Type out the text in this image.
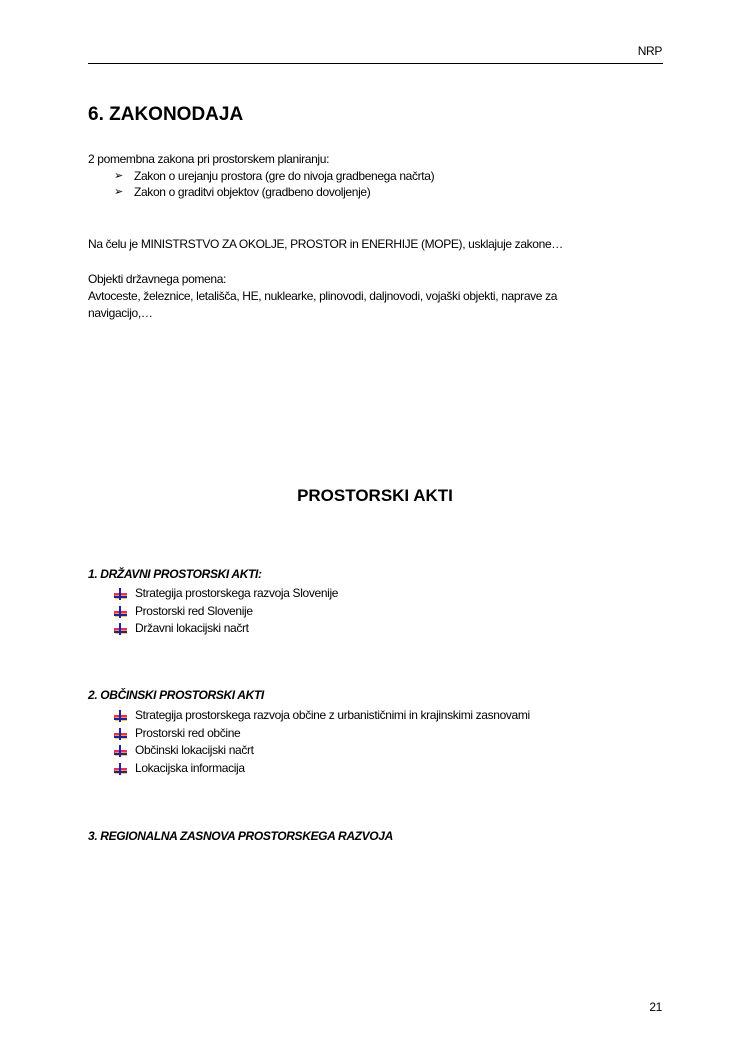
NRP
6. ZAKONODAJA
2 pomembna zakona pri prostorskem planiranju:
➢ Zakon o urejanju prostora (gre do nivoja gradbenega načrta)
➢ Zakon o graditvi objektov (gradbeno dovoljenje)
Na čelu je MINISTRSTVO ZA OKOLJE, PROSTOR in ENERHIJE (MOPE), usklajuje zakone…
Objekti državnega pomena:
Avtoceste, železnice, letališča, HE, nuklearke, plinovodi, daljnovodi, vojaški objekti, naprave za
navigacijo,…
PROSTORSKI AKTI
1. DRŽAVNI PROSTORSKI AKTI:
Strategija prostorskega razvoja Slovenije
Prostorski red Slovenije
Državni lokacijski načrt
2. OBČINSKI PROSTORSKI AKTI
Strategija prostorskega razvoja občine z urbanističnimi in krajinskimi zasnovami
Prostorski red občine
Občinski lokacijski načrt
Lokacijska informacija
3. REGIONALNA ZASNOVA PROSTORSKEGA RAZVOJA
21
